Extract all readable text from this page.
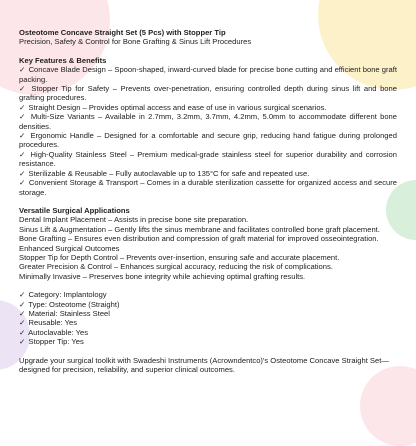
Osteotome Concave Straight Set (5 Pcs) with Stopper Tip
Precision, Safety & Control for Bone Grafting & Sinus Lift Procedures
Key Features & Benefits
✓ Concave Blade Design – Spoon-shaped, inward-curved blade for precise bone cutting and efficient bone graft packing.
✓ Stopper Tip for Safety – Prevents over-penetration, ensuring controlled depth during sinus lift and bone grafting procedures.
✓ Straight Design – Provides optimal access and ease of use in various surgical scenarios.
✓ Multi-Size Variants – Available in 2.7mm, 3.2mm, 3.7mm, 4.2mm, 5.0mm to accommodate different bone densities.
✓ Ergonomic Handle – Designed for a comfortable and secure grip, reducing hand fatigue during prolonged procedures.
✓ High-Quality Stainless Steel – Premium medical-grade stainless steel for superior durability and corrosion resistance.
✓ Sterilizable & Reusable – Fully autoclavable up to 135°C for safe and repeated use.
✓ Convenient Storage & Transport – Comes in a durable sterilization cassette for organized access and secure storage.
Versatile Surgical Applications
Dental Implant Placement – Assists in precise bone site preparation.
Sinus Lift & Augmentation – Gently lifts the sinus membrane and facilitates controlled bone graft placement.
Bone Grafting – Ensures even distribution and compression of graft material for improved osseointegration.
Enhanced Surgical Outcomes
Stopper Tip for Depth Control – Prevents over-insertion, ensuring safe and accurate placement.
Greater Precision & Control – Enhances surgical accuracy, reducing the risk of complications.
Minimally Invasive – Preserves bone integrity while achieving optimal grafting results.
✓ Category: Implantology
✓ Type: Osteotome (Straight)
✓ Material: Stainless Steel
✓ Reusable: Yes
✓ Autoclavable: Yes
✓ Stopper Tip: Yes
Upgrade your surgical toolkit with Swadeshi Instruments (Acrowndentco)'s Osteotome Concave Straight Set—designed for precision, reliability, and superior clinical outcomes.
